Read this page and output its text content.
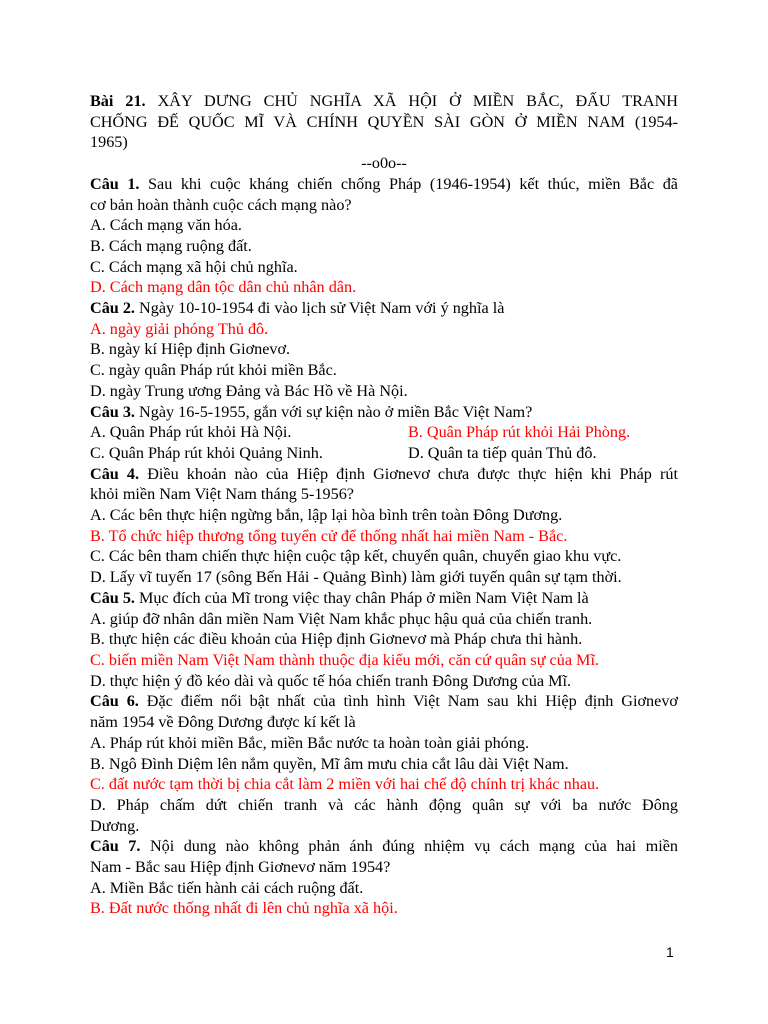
Bài 21. XÂY DƯNG CHỦ NGHĨA XÃ HỘI Ở MIỀN BẮC, ĐẤU TRANH
CHỐNG ĐẾ QUỐC MĨ VÀ CHÍNH QUYỀN SÀI GÒN Ở MIỀN NAM (1954-
1965)
--o0o--
Câu 1. Sau khi cuộc kháng chiến chống Pháp (1946-1954) kết thúc, miền Bắc đã
cơ bản hoàn thành cuộc cách mạng nào?
A. Cách mạng văn hóa.
B. Cách mạng ruộng đất.
C. Cách mạng xã hội chủ nghĩa.
D. Cách mạng dân tộc dân chủ nhân dân.
Câu 2. Ngày 10-10-1954 đi vào lịch sử Việt Nam với ý nghĩa là
A. ngày giải phóng Thủ đô.
B. ngày kí Hiệp định Giơnevơ.
C. ngày quân Pháp rút khỏi miền Bắc.
D. ngày Trung ương Đảng và Bác Hồ về Hà Nội.
Câu 3. Ngày 16-5-1955, gắn với sự kiện nào ở miền Bắc Việt Nam?
A. Quân Pháp rút khỏi Hà Nội.	B. Quân Pháp rút khỏi Hải Phòng.
C. Quân Pháp rút khỏi Quảng Ninh.	D. Quân ta tiếp quản Thủ đô.
Câu 4. Điều khoản nào của Hiệp định Giơnevơ chưa được thực hiện khi Pháp rút
khỏi miền Nam Việt Nam tháng 5-1956?
A. Các bên thực hiện ngừng bắn, lập lại hòa bình trên toàn Đông Dương.
B. Tổ chức hiệp thương tổng tuyển cử để thống nhất hai miền Nam - Bắc.
C. Các bên tham chiến thực hiện cuộc tập kết, chuyển quân, chuyển giao khu vực.
D. Lấy vĩ tuyến 17 (sông Bến Hải - Quảng Bình) làm giới tuyến quân sự tạm thời.
Câu 5. Mục đích của Mĩ trong việc thay chân Pháp ở miền Nam Việt Nam là
A. giúp đỡ nhân dân miền Nam Việt Nam khắc phục hậu quả của chiến tranh.
B. thực hiện các điều khoản của Hiệp định Giơnevơ mà Pháp chưa thi hành.
C. biến miền Nam Việt Nam thành thuộc địa kiểu mới, căn cứ quân sự của Mĩ.
D. thực hiện ý đồ kéo dài và quốc tế hóa chiến tranh Đông Dương của Mĩ.
Câu 6. Đặc điểm nổi bật nhất của tình hình Việt Nam sau khi Hiệp định Giơnevơ
năm 1954 về Đông Dương được kí kết là
A. Pháp rút khỏi miền Bắc, miền Bắc nước ta hoàn toàn giải phóng.
B. Ngô Đình Diệm lên nắm quyền, Mĩ âm mưu chia cắt lâu dài Việt Nam.
C. đất nước tạm thời bị chia cắt làm 2 miền với hai chế độ chính trị khác nhau.
D. Pháp chấm dứt chiến tranh và các hành động quân sự với ba nước Đông
Dương.
Câu 7. Nội dung nào không phản ánh đúng nhiệm vụ cách mạng của hai miền
Nam - Bắc sau Hiệp định Giơnevơ năm 1954?
A. Miền Bắc tiến hành cải cách ruộng đất.
B. Đất nước thống nhất đi lên chủ nghĩa xã hội.
1
